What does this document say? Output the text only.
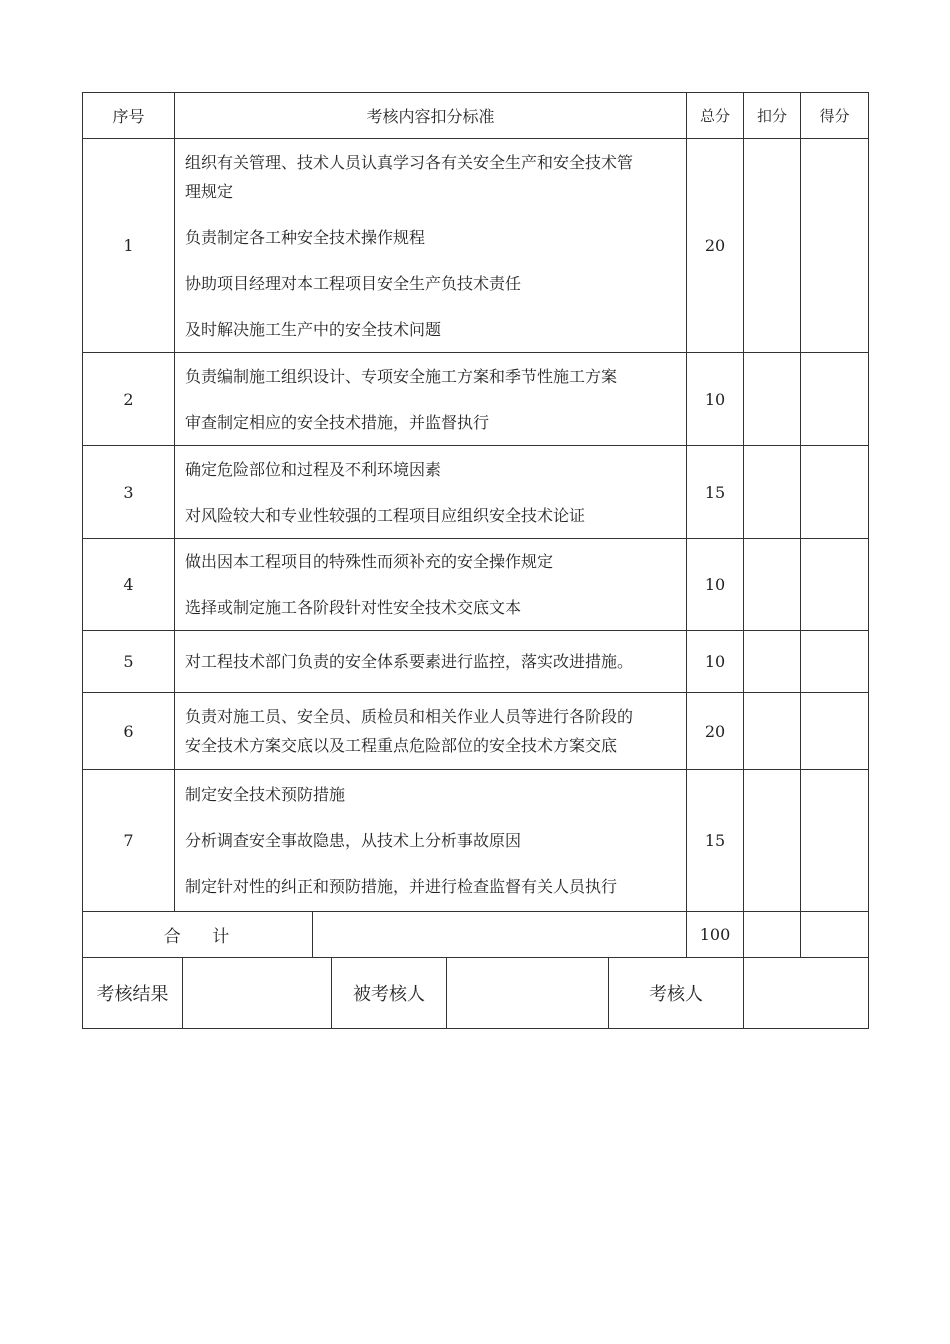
序号	考核内容扣分标准		总分	扣分	得分
1	组织有关管理、技术人员认真学习各有关安全生产和安全技术管

理规定

负责制定各工种安全技术操作规程

协助项目经理对本工程项目安全生产负技术责任

及时解决施工生产中的安全技术问题		20		
2	负责编制施工组织设计、专项安全施工方案和季节性施工方案

审查制定相应的安全技术措施，并监督执行		10		
3	确定危险部位和过程及不利环境因素

对风险较大和专业性较强的工程项目应组织安全技术论证		15		
4	做出因本工程项目的特殊性而须补充的安全操作规定

选择或制定施工各阶段针对性安全技术交底文本		10		
5	对工程技术部门负责的安全体系要素进行监控，落实改进措施。		10		
6	负责对施工员、安全员、质检员和相关作业人员等进行各阶段的

安全技术方案交底以及工程重点危险部位的安全技术方案交底		20		
7	制定安全技术预防措施

分析调查安全事故隐患，从技术上分析事故原因

制定针对性的纠正和预防措施，并进行检查监督有关人员执行		15		
合    计			100		
考核结果		被考核人		考核人	
